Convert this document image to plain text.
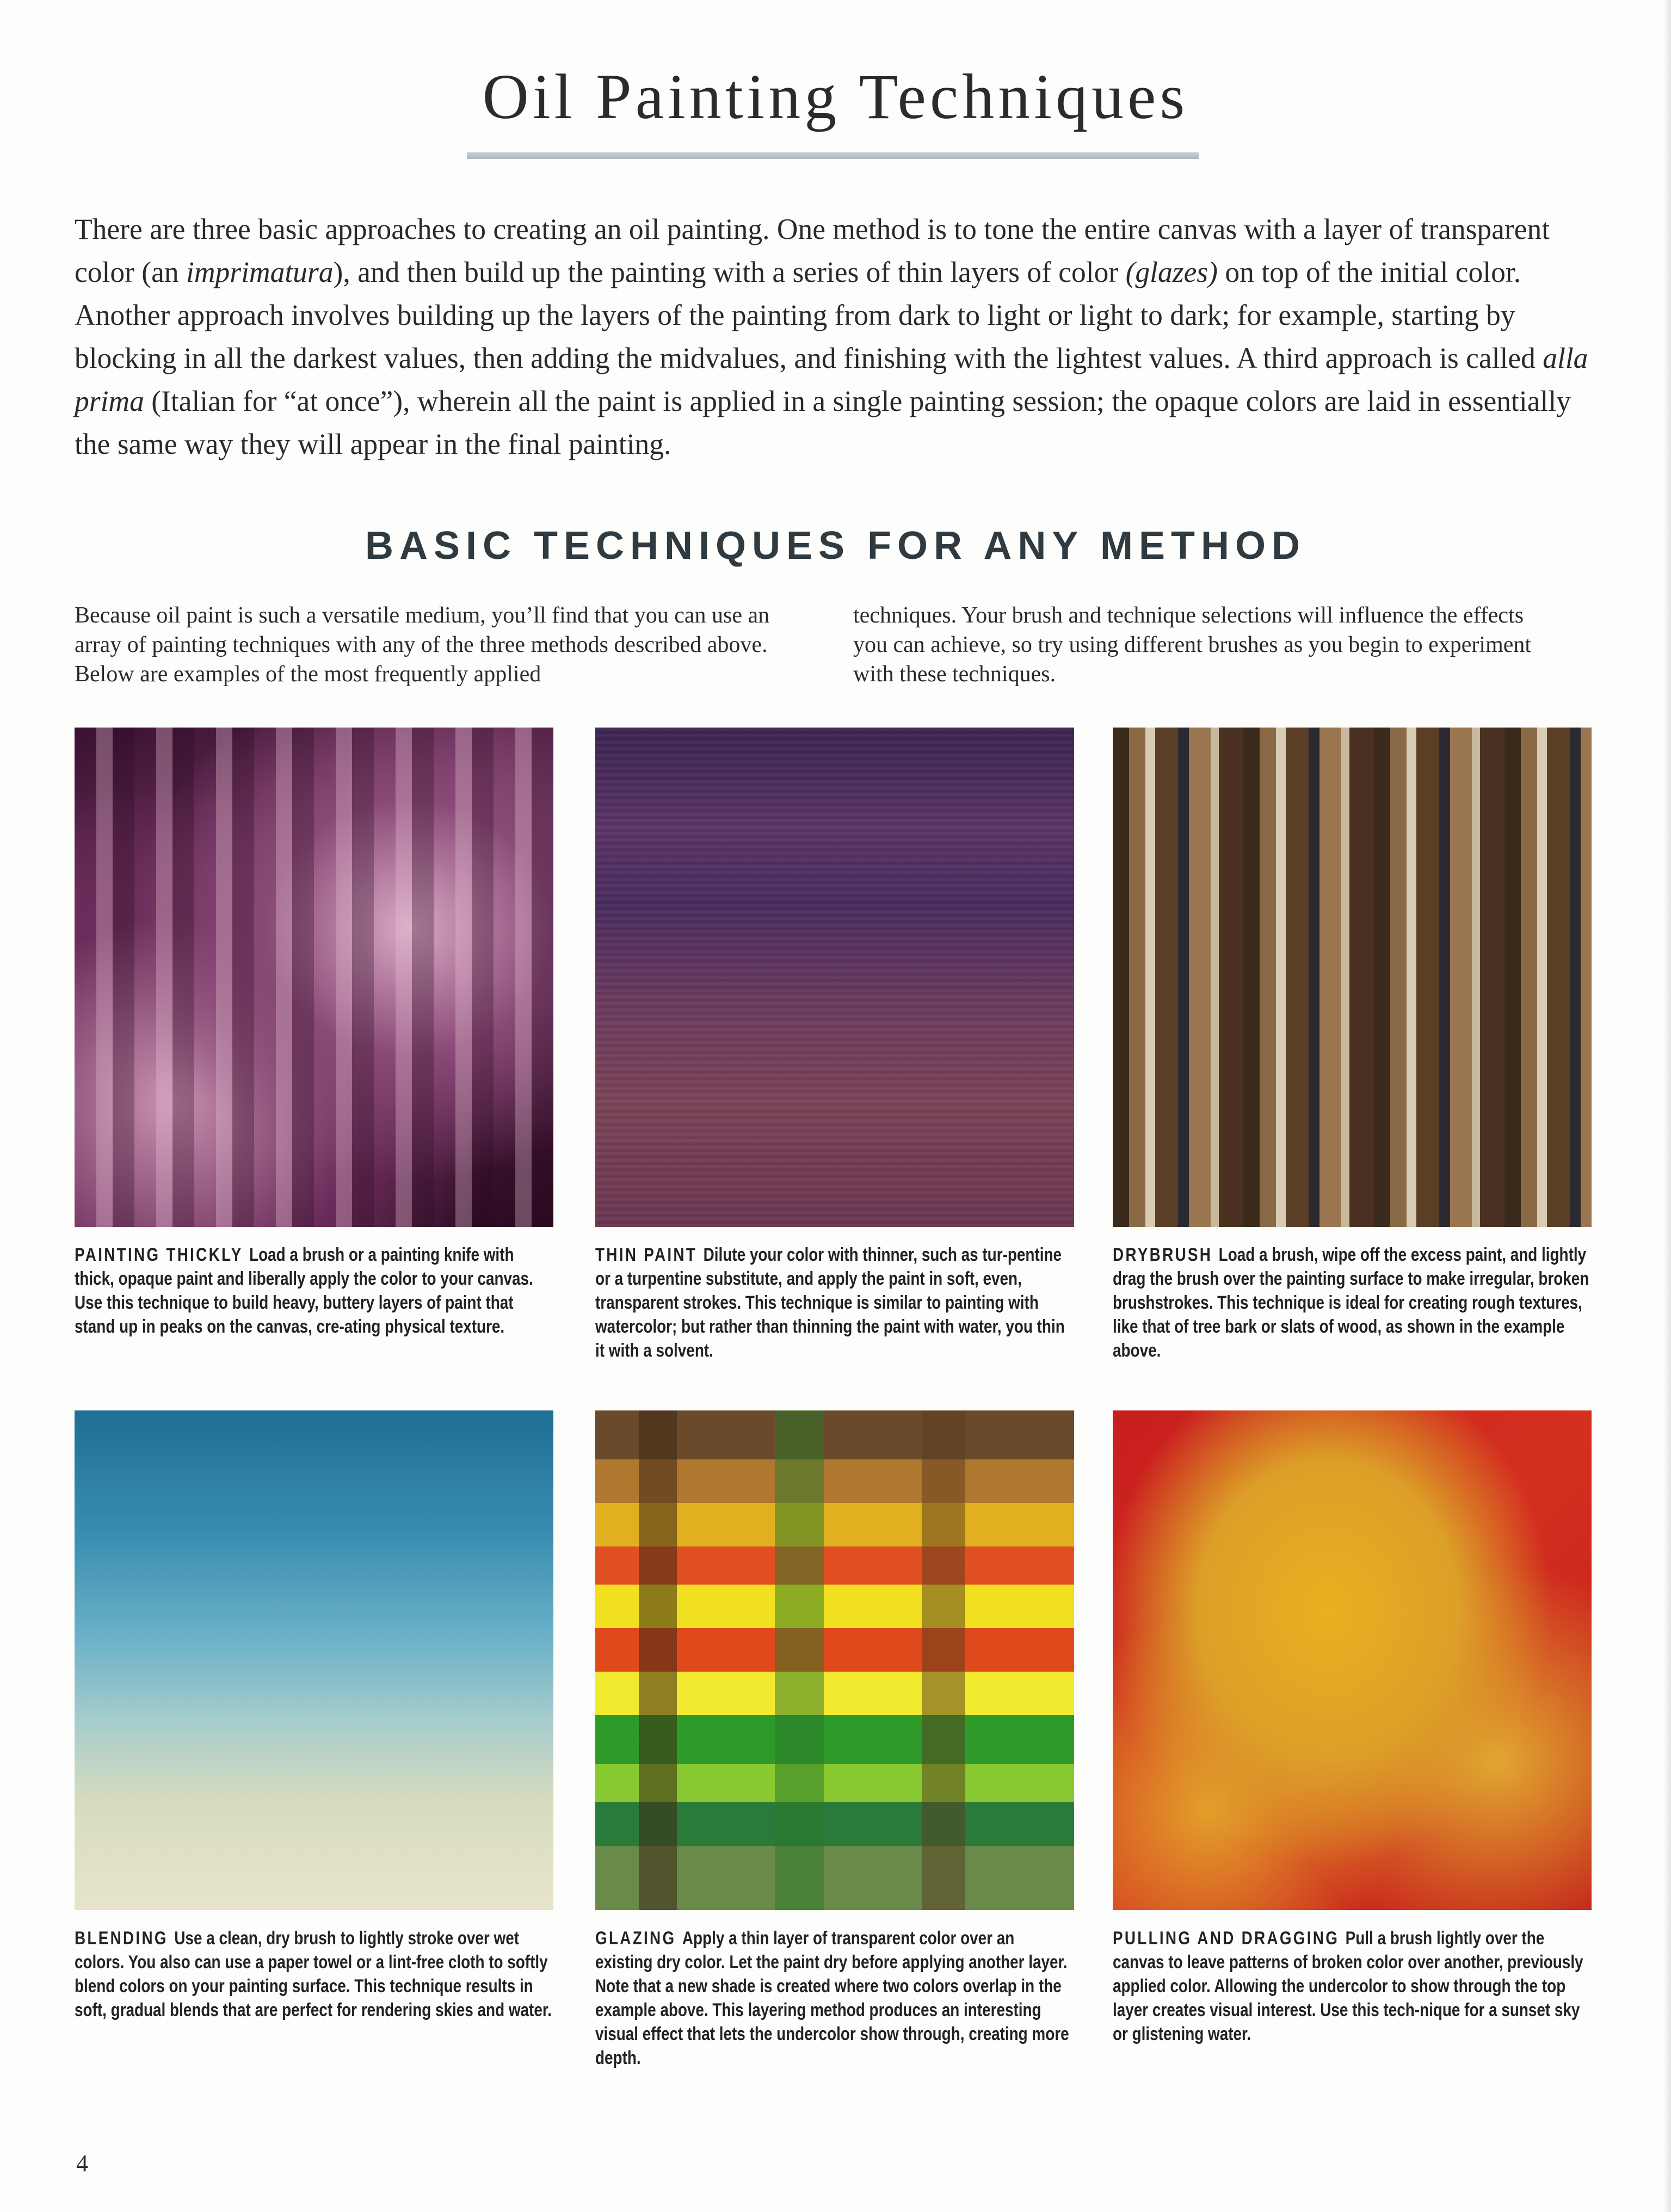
Oil Painting Techniques

There are three basic approaches to creating an oil painting. One method is to tone the entire canvas with a layer of transparent color (an imprimatura), and then build up the painting with a series of thin layers of color (glazes) on top of the initial color. Another approach involves building up the layers of the painting from dark to light or light to dark; for example, starting by blocking in all the darkest values, then adding the midvalues, and finishing with the lightest values. A third approach is called alla prima (Italian for “at once”), wherein all the paint is applied in a single painting session; the opaque colors are laid in essentially the same way they will appear in the final painting.

BASIC TECHNIQUES FOR ANY METHOD

Because oil paint is such a versatile medium, you’ll find that you can use an array of painting techniques with any of the three methods described above. Below are examples of the most frequently applied

techniques. Your brush and technique selections will influence the effects you can achieve, so try using different brushes as you begin to experiment with these techniques.

PAINTING THICKLY Load a brush or a painting knife with thick, opaque paint and liberally apply the color to your canvas. Use this technique to build heavy, buttery layers of paint that stand up in peaks on the canvas, cre-ating physical texture.

THIN PAINT Dilute your color with thinner, such as tur-pentine or a turpentine substitute, and apply the paint in soft, even, transparent strokes. This technique is similar to painting with watercolor; but rather than thinning the paint with water, you thin it with a solvent.

DRYBRUSH Load a brush, wipe off the excess paint, and lightly drag the brush over the painting surface to make irregular, broken brushstrokes. This technique is ideal for creating rough textures, like that of tree bark or slats of wood, as shown in the example above.

BLENDING Use a clean, dry brush to lightly stroke over wet colors. You also can use a paper towel or a lint-free cloth to softly blend colors on your painting surface. This technique results in soft, gradual blends that are perfect for rendering skies and water.

GLAZING Apply a thin layer of transparent color over an existing dry color. Let the paint dry before applying another layer. Note that a new shade is created where two colors overlap in the example above. This layering method produces an interesting visual effect that lets the undercolor show through, creating more depth.

PULLING AND DRAGGING Pull a brush lightly over the canvas to leave patterns of broken color over another, previously applied color. Allowing the undercolor to show through the top layer creates visual interest. Use this tech-nique for a sunset sky or glistening water.

4
